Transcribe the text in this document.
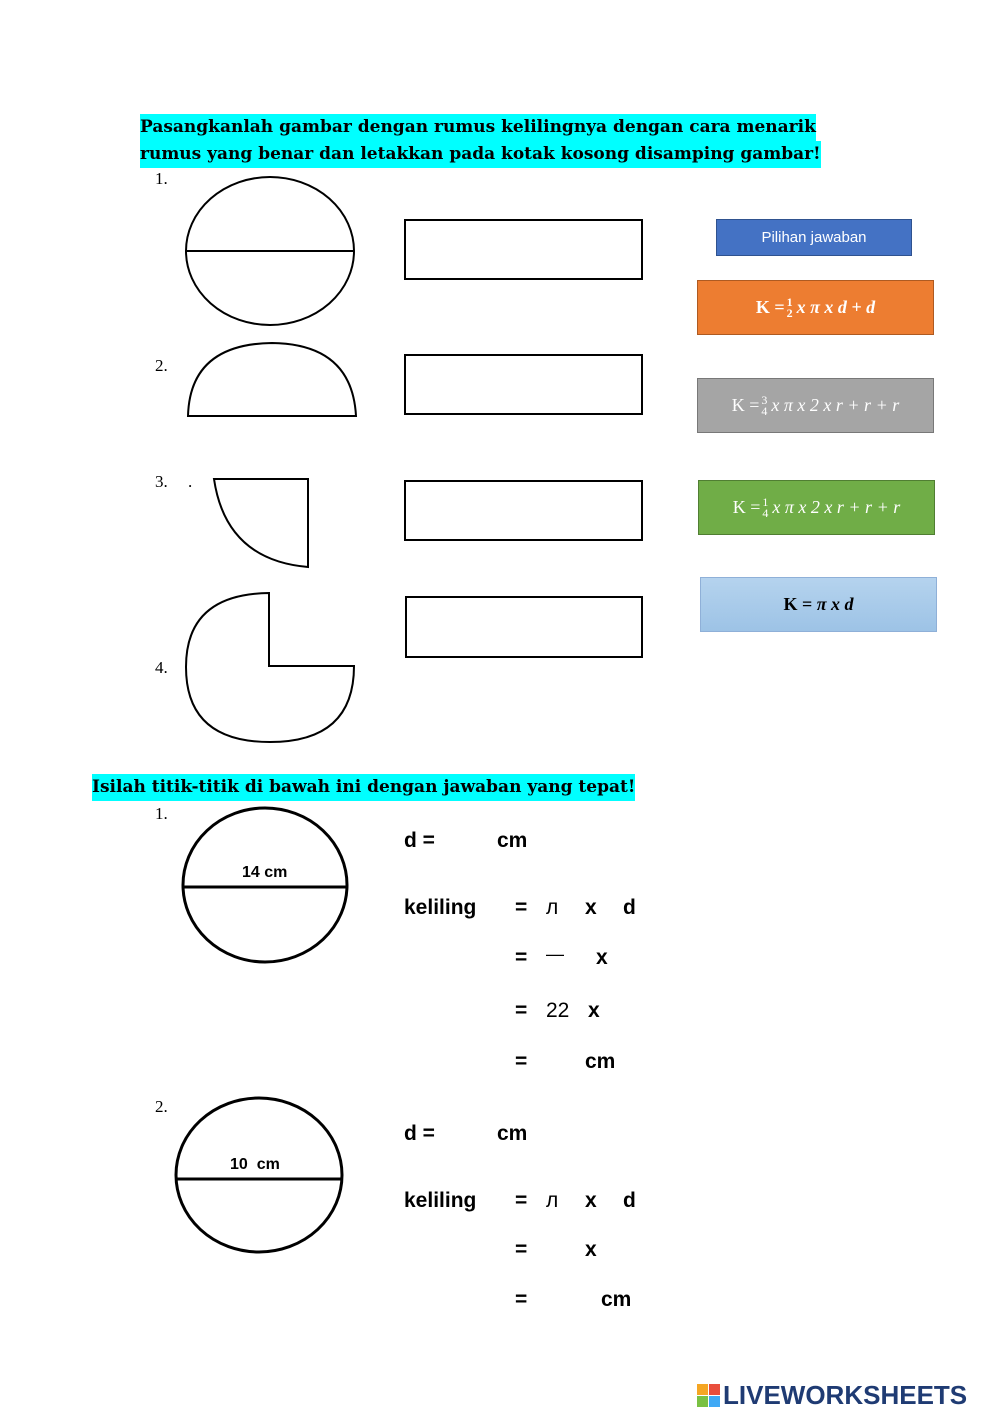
Pasangkanlah gambar dengan rumus kelilingnya dengan cara menarik
rumus yang benar dan letakkan pada kotak kosong disamping gambar!
1.
2.
3. .
4.
Pilihan jawaban
K = 1
2 x π x d + d
K = 3
4 x π x 2 x r + r + r
K = 1
4 x π x 2 x r + r + r
K =
π x d
Isilah titik-titik di bawah ini dengan jawaban yang tepat!
1.
14 cm
d =	cm
keliling = л x d
= — x
= 22 x
=	cm
2.
10  cm
d =	cm
keliling = л x d
=	x
=	cm
LIVEWORKSHEETS
